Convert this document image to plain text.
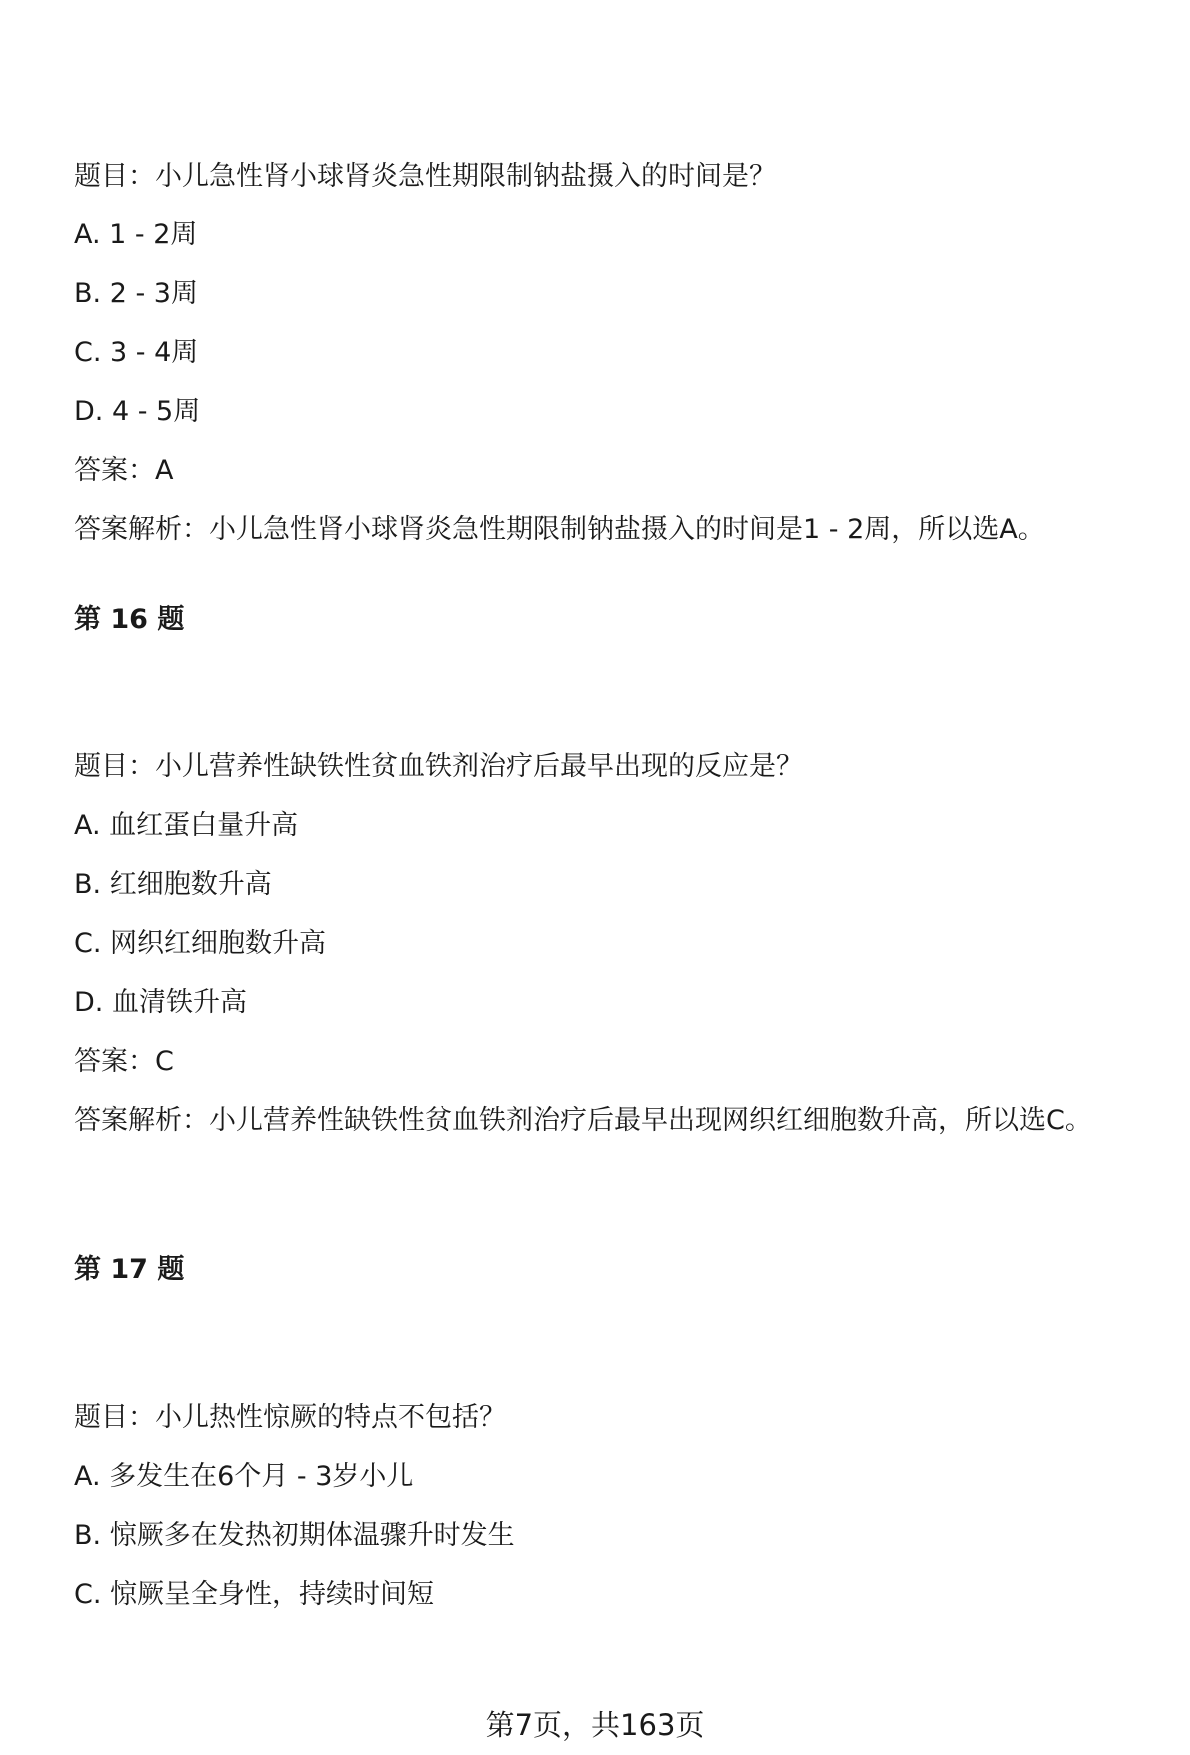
题目：小儿急性肾小球肾炎急性期限制钠盐摄入的时间是？
A. 1 - 2周
B. 2 - 3周
C. 3 - 4周
D. 4 - 5周
答案：A
答案解析：小儿急性肾小球肾炎急性期限制钠盐摄入的时间是1 - 2周，所以选A。
第 16 题
题目：小儿营养性缺铁性贫血铁剂治疗后最早出现的反应是？
A. 血红蛋白量升高
B. 红细胞数升高
C. 网织红细胞数升高
D. 血清铁升高
答案：C
答案解析：小儿营养性缺铁性贫血铁剂治疗后最早出现网织红细胞数升高，所以选C。
第 17 题
题目：小儿热性惊厥的特点不包括？
A. 多发生在6个月 - 3岁小儿
B. 惊厥多在发热初期体温骤升时发生
C. 惊厥呈全身性，持续时间短
第7页，共163页
